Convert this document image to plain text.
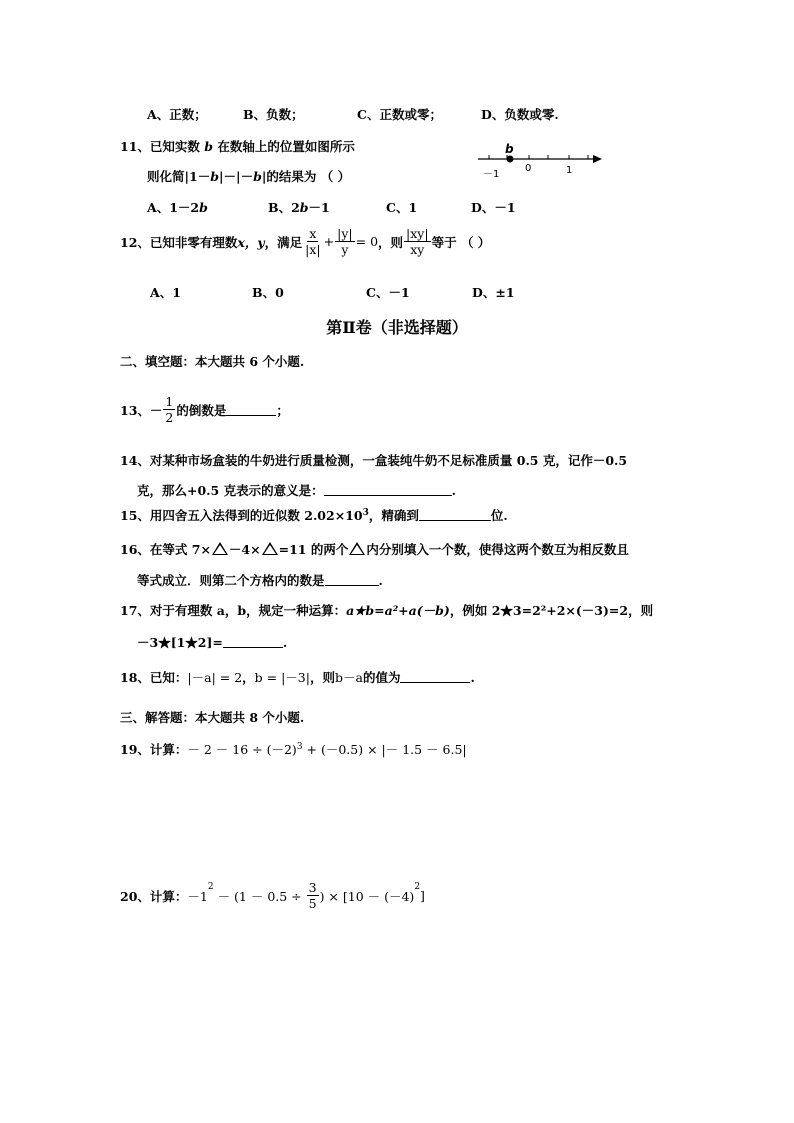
A、正数；	B、负数；	C、正数或零；	D、负数或零.
11、已知实数 b 在数轴上的位置如图所示
则化简|1－b|－|－b|的结果为 （ ）
b
－1
0	1
A、1－2b	B、2b－1	C、1	D、－1
12、 已知非零有理数 x，y ，满足 $\frac{x}{|x|} + \frac{|y|}{y} = 0$ ，则 $\frac{|xy|}{xy}$ 等于 （ ）
A、1	B、0	C、－1	D、±1
第Ⅱ卷（非选择题）
二、填空题：本大题共 6 个小题.
13、－ $\frac{1}{2}$ 的倒数是	；
14、对某种市场盒装的牛奶进行质量检测，一盒装纯牛奶不足标准质量 0.5 克，记作－0.5
克，那么+0.5 克表示的意义是：	.
15、用四舍五入法得到的近似数 $2.02\times 10^3$，精确到	位.
16、在等式 7× －4× =11 的两个 内分别填入一个数，使得这两个数互为相反数且
等式成立．则第二个方格内的数是	.
17、对于有理数 a，b，规定一种运算：a★b=a²+a(－b)，例如 2★3=2²+2×(－3)=2，则
－3★[1★2]=	.
18、已知：|－a| = 2，b = |－3|，则b－a的值为	.
三、解答题：本大题共 8 个小题.
19、计算：－ $2 - 16 \div (-2)^3 + (-0.5)$ × |－ 1.5 － 6.5|
20、计算： －1
$^2$
－ ($1 - 0.5 \div \frac{3}{5}$ ) × [10 － (－4)
$^2$
]
